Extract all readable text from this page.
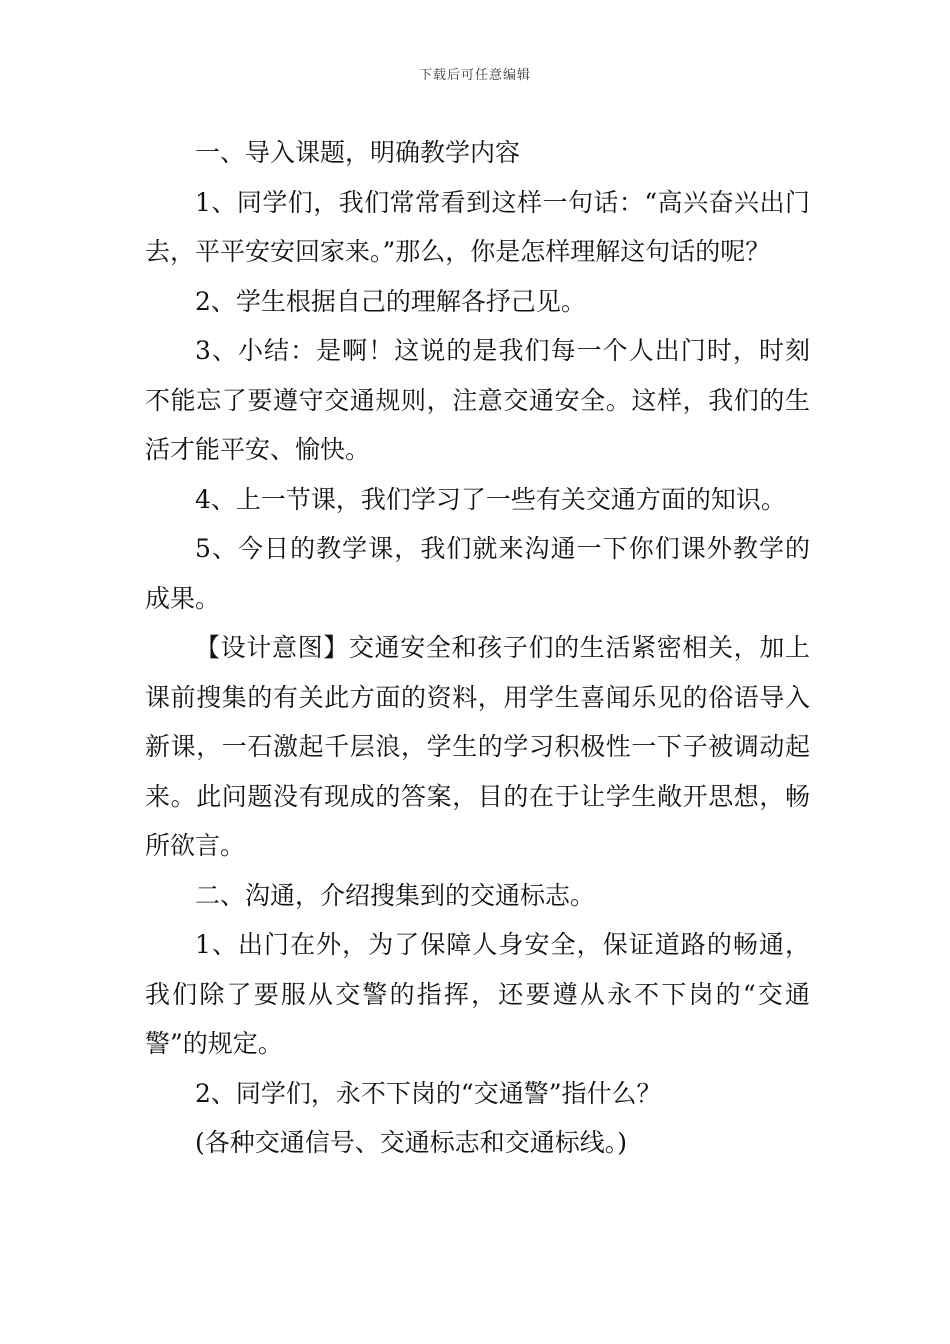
下载后可任意编辑

一、导入课题，明确教学内容

1、同学们，我们常常看到这样一句话：“高兴奋兴出门去，平平安安回家来。”那么，你是怎样理解这句话的呢？

2、学生根据自己的理解各抒己见。

3、小结：是啊！这说的是我们每一个人出门时，时刻不能忘了要遵守交通规则，注意交通安全。这样，我们的生活才能平安、愉快。

4、上一节课，我们学习了一些有关交通方面的知识。

5、今日的教学课，我们就来沟通一下你们课外教学的成果。

【设计意图】交通安全和孩子们的生活紧密相关，加上课前搜集的有关此方面的资料，用学生喜闻乐见的俗语导入新课，一石激起千层浪，学生的学习积极性一下子被调动起来。此问题没有现成的答案，目的在于让学生敞开思想，畅所欲言。

二、沟通，介绍搜集到的交通标志。

1、出门在外，为了保障人身安全，保证道路的畅通，我们除了要服从交警的指挥，还要遵从永不下岗的“交通警”的规定。

2、同学们，永不下岗的“交通警”指什么？

(各种交通信号、交通标志和交通标线。)
